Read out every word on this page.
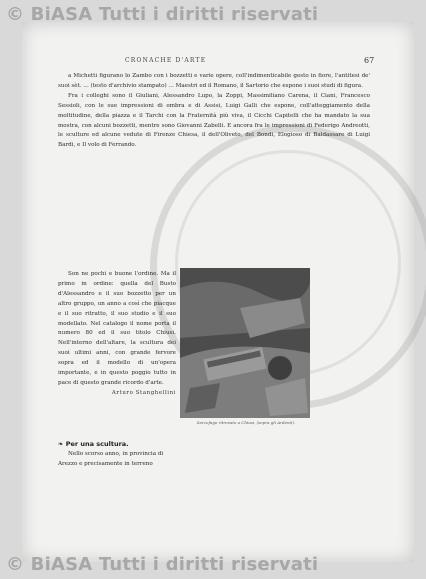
© BiASA Tutti i diritti riservati
© BiASA Tutti i diritti riservati
CRONACHE D'ARTE	67

a Michetti figurano lo Zambo con i bozzetti e varie opere, coll'indimenticabile gesto in fiore, l'antitesi de' suoi sèt. ... (testo d'archivio stampato) ... Maestri ed il Romano, il Sartorio che espone i suoi studi di figura.

Fra i colleghi sono il Giuliani, Alessandro Lupo, la Zoppi, Massimiliano Carena, il Ciani, Francesco Sessioli, con le sue impressioni di ombra e di Assisi, Luigi Galli che espone, coll'atteggiamento della moltitudine, della piazza e il Tarchi con la Fraternità più viva, il Cicchi Capitelli che ha mandato la sua mostra, con alcuni bozzetti, mentre sono Giovanni Zabelli. E ancora fra le impressioni di Federigo Andreotti, le sculture ed alcune vedute di Firenze Chiesa, il dell'Oliveto, del Bondi, Elogioso di Baldassare di Luigi Bardi, e Il volo di Ferrando.

Son ne pochi e buone l'ordine. Ma il primo in ordine: quella del Busto d'Alessandro e il suo bozzetto per un altro gruppo, un anno a così che piacque e il suo ritratto, il suo studio e il suo modellato. Nel catalogo il nome porta il numero 80 ed il suo titolo Chiusi. Nell'interno dell'altare, la scultura dei suoi ultimi anni, con grande fervore sopra ed il modello di un'opera importante, e in questo poggio tutto in pace di questo grande ricordo d'arte.

Arturo Stanghellini
Sarcofago ritrovato a Chiusi, (sopra gli Ardenti).
❧ Per una scultura.

Nello scorso anno, in provincia di Arezzo e precisamente in terreno
